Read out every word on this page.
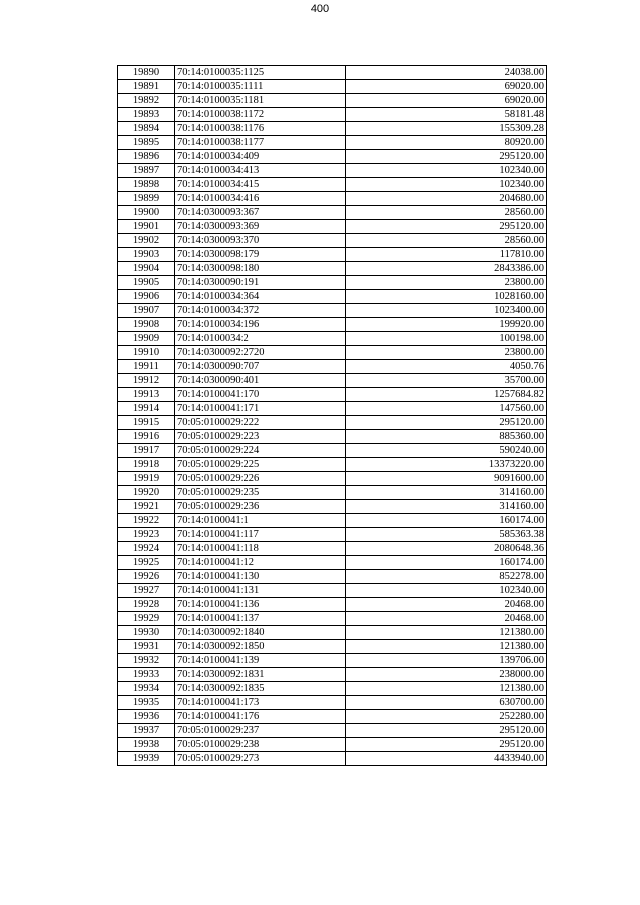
400
19890	70:14:0100035:1125	24038.00
19891	70:14:0100035:1111	69020.00
19892	70:14:0100035:1181	69020.00
19893	70:14:0100038:1172	58181.48
19894	70:14:0100038:1176	155309.28
19895	70:14:0100038:1177	80920.00
19896	70:14:0100034:409	295120.00
19897	70:14:0100034:413	102340.00
19898	70:14:0100034:415	102340.00
19899	70:14:0100034:416	204680.00
19900	70:14:0300093:367	28560.00
19901	70:14:0300093:369	295120.00
19902	70:14:0300093:370	28560.00
19903	70:14:0300098:179	117810.00
19904	70:14:0300098:180	2843386.00
19905	70:14:0300090:191	23800.00
19906	70:14:0100034:364	1028160.00
19907	70:14:0100034:372	1023400.00
19908	70:14:0100034:196	199920.00
19909	70:14:0100034:2	100198.00
19910	70:14:0300092:2720	23800.00
19911	70:14:0300090:707	4050.76
19912	70:14:0300090:401	35700.00
19913	70:14:0100041:170	1257684.82
19914	70:14:0100041:171	147560.00
19915	70:05:0100029:222	295120.00
19916	70:05:0100029:223	885360.00
19917	70:05:0100029:224	590240.00
19918	70:05:0100029:225	13373220.00
19919	70:05:0100029:226	9091600.00
19920	70:05:0100029:235	314160.00
19921	70:05:0100029:236	314160.00
19922	70:14:0100041:1	160174.00
19923	70:14:0100041:117	585363.38
19924	70:14:0100041:118	2080648.36
19925	70:14:0100041:12	160174.00
19926	70:14:0100041:130	852278.00
19927	70:14:0100041:131	102340.00
19928	70:14:0100041:136	20468.00
19929	70:14:0100041:137	20468.00
19930	70:14:0300092:1840	121380.00
19931	70:14:0300092:1850	121380.00
19932	70:14:0100041:139	139706.00
19933	70:14:0300092:1831	238000.00
19934	70:14:0300092:1835	121380.00
19935	70:14:0100041:173	630700.00
19936	70:14:0100041:176	252280.00
19937	70:05:0100029:237	295120.00
19938	70:05:0100029:238	295120.00
19939	70:05:0100029:273	4433940.00
